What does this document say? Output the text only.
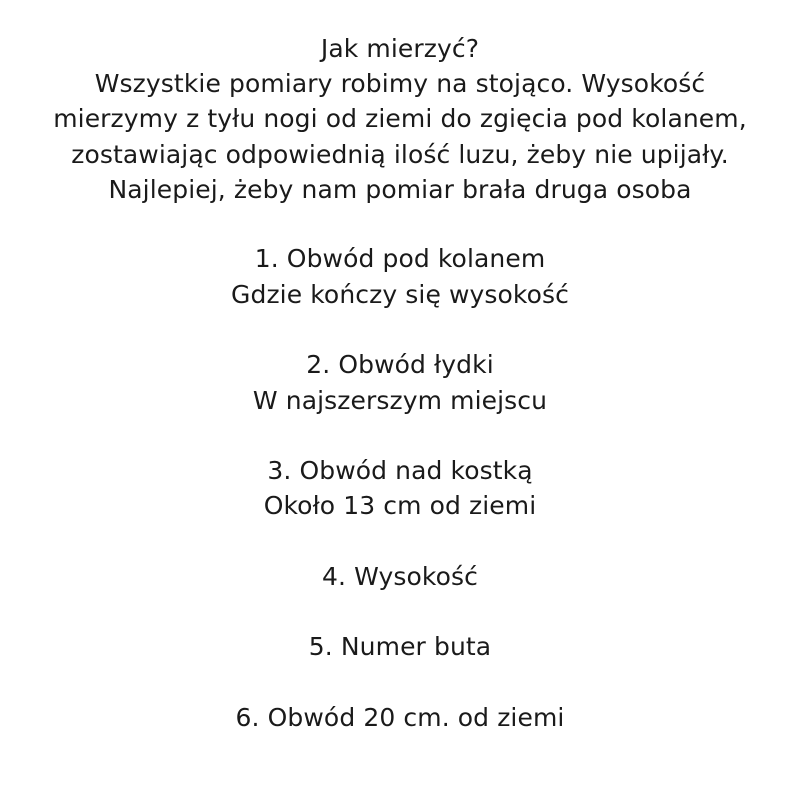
Jak mierzyć?
Wszystkie pomiary robimy na stojąco. Wysokość
mierzymy z tyłu nogi od ziemi do zgięcia pod kolanem,
zostawiając odpowiednią ilość luzu, żeby nie upijały.
Najlepiej, żeby nam pomiar brała druga osoba
1. Obwód pod kolanem
Gdzie kończy się wysokość
2. Obwód łydki
W najszerszym miejscu
3. Obwód nad kostką
Około 13 cm od ziemi
4. Wysokość
5. Numer buta
6. Obwód 20 cm. od ziemi
